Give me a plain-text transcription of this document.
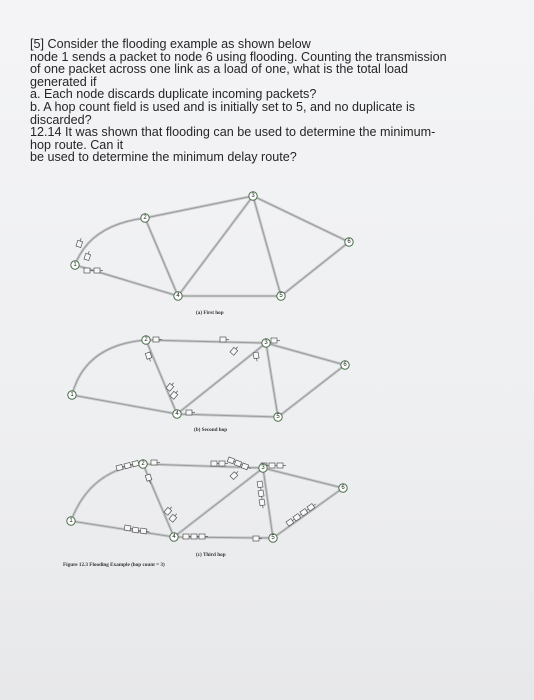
[5] Consider the flooding example as shown below
node 1 sends a packet to node 6 using flooding. Counting the transmission
of one packet across one link as a load of one, what is the total load
generated if
a. Each node discards duplicate incoming packets?
b. A hop count field is used and is initially set to 5, and no duplicate is
discarded?
12.14 It was shown that flooding can be used to determine the minimum-
hop route. Can it
be used to determine the minimum delay route?
1
2
3
4	5
6
1
2	3
4	5
6
1
2
3
4	5
6
(a) First hop
(b) Second hop
(c) Third hop
Figure 12.3 Flooding Example (hop count = 3)
